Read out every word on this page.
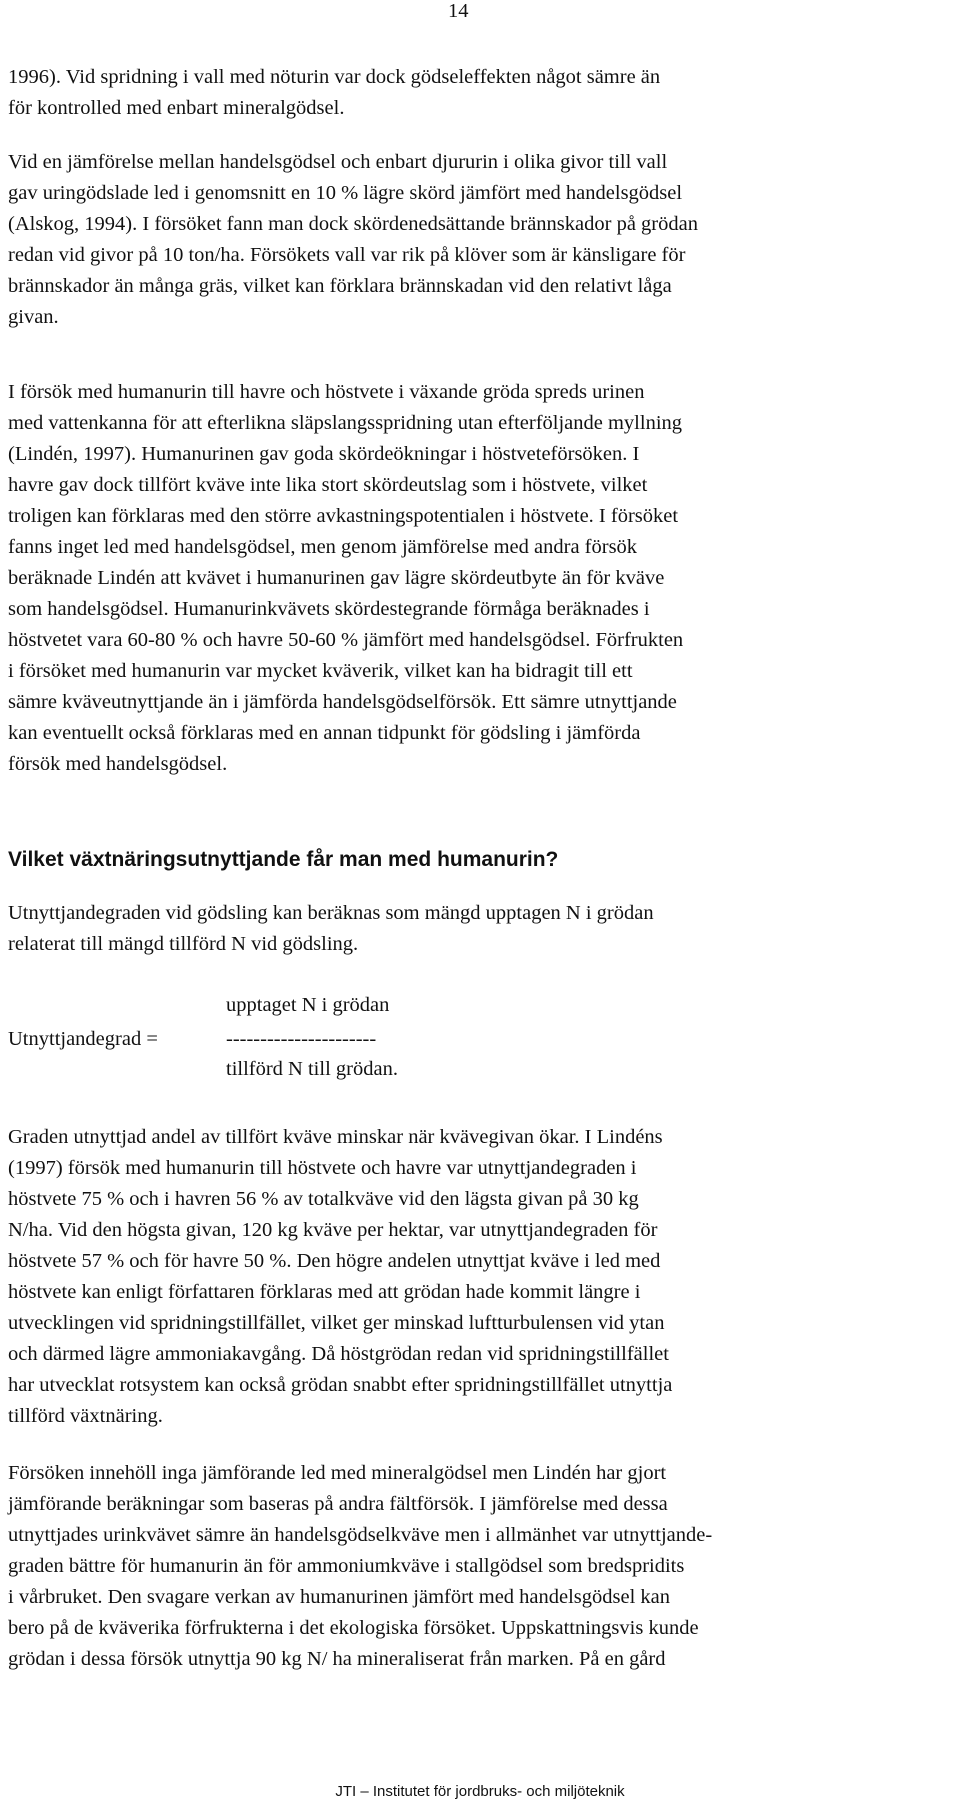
14
1996). Vid spridning i vall med nöturin var dock gödseleffekten något sämre än
för kontrolled med enbart mineralgödsel.
Vid en jämförelse mellan handelsgödsel och enbart djururin i olika givor till vall
gav uringödslade led i genomsnitt en 10 % lägre skörd jämfört med handelsgödsel
(Alskog, 1994). I försöket fann man dock skördenedsättande brännskador på grödan
redan vid givor på 10 ton/ha. Försökets vall var rik på klöver som är känsligare för
brännskador än många gräs, vilket kan förklara brännskadan vid den relativt låga
givan.
I försök med humanurin till havre och höstvete i växande gröda spreds urinen
med vattenkanna för att efterlikna släpslangsspridning utan efterföljande myllning
(Lindén, 1997). Humanurinen gav goda skördeökningar i höstveteförsöken. I
havre gav dock tillfört kväve inte lika stort skördeutslag som i höstvete, vilket
troligen kan förklaras med den större avkastningspotentialen i höstvete. I försöket
fanns inget led med handelsgödsel, men genom jämförelse med andra försök
beräknade Lindén att kvävet i humanurinen gav lägre skördeutbyte än för kväve
som handelsgödsel. Humanurinkvävets skördestegrande förmåga beräknades i
höstvetet vara 60-80 % och havre 50-60 % jämfört med handelsgödsel. Förfrukten
i försöket med humanurin var mycket kväverik, vilket kan ha bidragit till ett
sämre kväveutnyttjande än i jämförda handelsgödselförsök. Ett sämre utnyttjande
kan eventuellt också förklaras med en annan tidpunkt för gödsling i jämförda
försök med handelsgödsel.
Vilket växtnäringsutnyttjande får man med humanurin?
Utnyttjandegraden vid gödsling kan beräknas som mängd upptagen N i grödan
relaterat till mängd tillförd N vid gödsling.
Utnyttjandegrad =
upptaget N i grödan
----------------------
tillförd N till grödan.
Graden utnyttjad andel av tillfört kväve minskar när kvävegivan ökar. I Lindéns
(1997) försök med humanurin till höstvete och havre var utnyttjandegraden i
höstvete 75 % och i havren 56 % av totalkväve vid den lägsta givan på 30 kg
N/ha. Vid den högsta givan, 120 kg kväve per hektar, var utnyttjandegraden för
höstvete 57 % och för havre 50 %. Den högre andelen utnyttjat kväve i led med
höstvete kan enligt författaren förklaras med att grödan hade kommit längre i
utvecklingen vid spridningstillfället, vilket ger minskad luftturbulensen vid ytan
och därmed lägre ammoniakavgång. Då höstgrödan redan vid spridningstillfället
har utvecklat rotsystem kan också grödan snabbt efter spridningstillfället utnyttja
tillförd växtnäring.
Försöken innehöll inga jämförande led med mineralgödsel men Lindén har gjort
jämförande beräkningar som baseras på andra fältförsök. I jämförelse med dessa
utnyttjades urinkvävet sämre än handelsgödselkväve men i allmänhet var utnyttjande-
graden bättre för humanurin än för ammoniumkväve i stallgödsel som bredspridits
i vårbruket. Den svagare verkan av humanurinen jämfört med handelsgödsel kan
bero på de kväverika förfrukterna i det ekologiska försöket. Uppskattningsvis kunde
grödan i dessa försök utnyttja 90 kg N/ ha mineraliserat från marken. På en gård
JTI – Institutet för jordbruks- och miljöteknik
